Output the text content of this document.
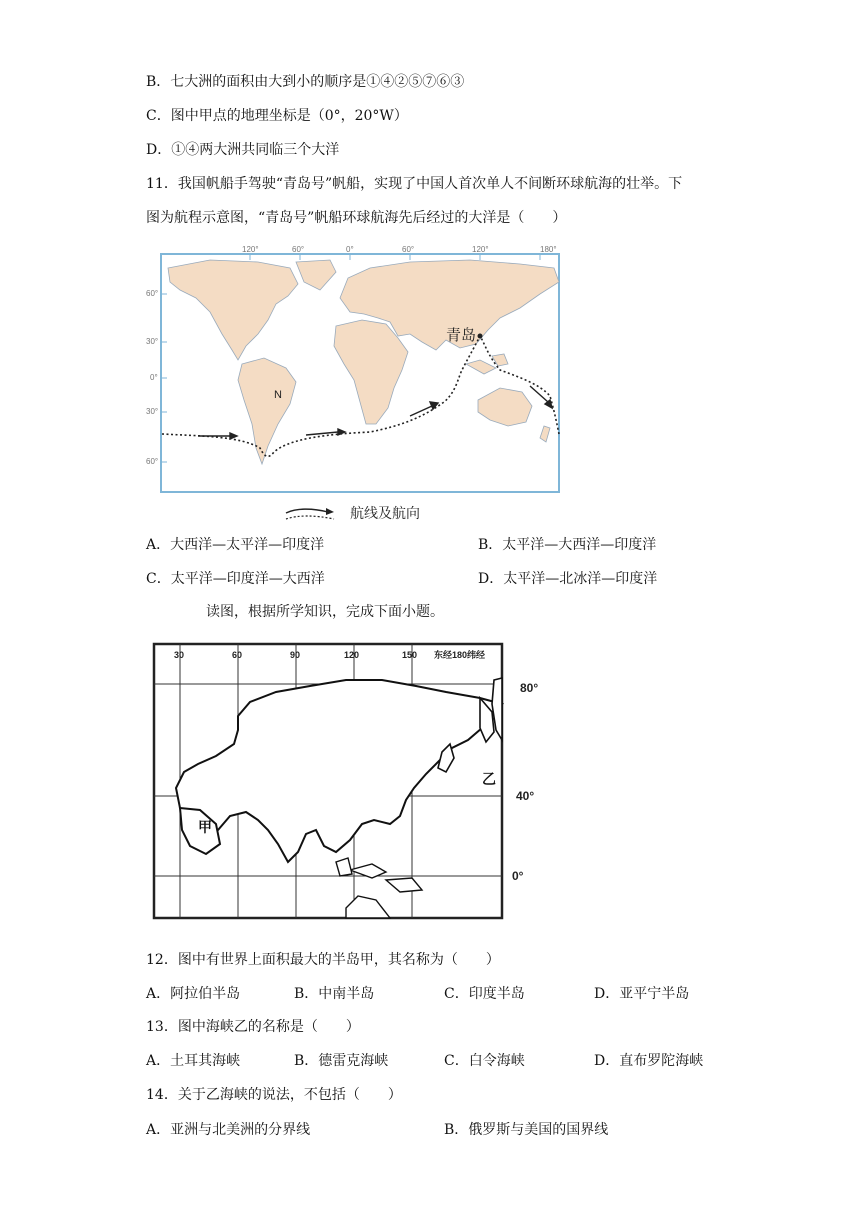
B．七大洲的面积由大到小的顺序是①④②⑤⑦⑥③
C．图中甲点的地理坐标是（0°，20°W）
D．①④两大洲共同临三个大洋
11．我国帆船手驾驶“青岛号”帆船，实现了中国人首次单人不间断环球航海的壮举。下
图为航程示意图，“青岛号”帆船环球航海先后经过的大洋是（　　）
120°	60°	0°	60°	120°	180°
60°
30°
0°
30°
60°
青岛
N
航线及航向
A．大西洋—太平洋—印度洋	B．太平洋—大西洋—印度洋
C．太平洋—印度洋—大西洋	D．太平洋—北冰洋—印度洋
读图，根据所学知识，完成下面小题。
30	60	90	120	150 东经180纬经
80°
40°
0°
甲
乙
12．图中有世界上面积最大的半岛甲，其名称为（　　）
A．阿拉伯半岛	B．中南半岛	C．印度半岛	D．亚平宁半岛
13．图中海峡乙的名称是（　　）
A．土耳其海峡	B．德雷克海峡	C．白令海峡	D．直布罗陀海峡
14．关于乙海峡的说法，不包括（　　）
A．亚洲与北美洲的分界线	B．俄罗斯与美国的国界线
